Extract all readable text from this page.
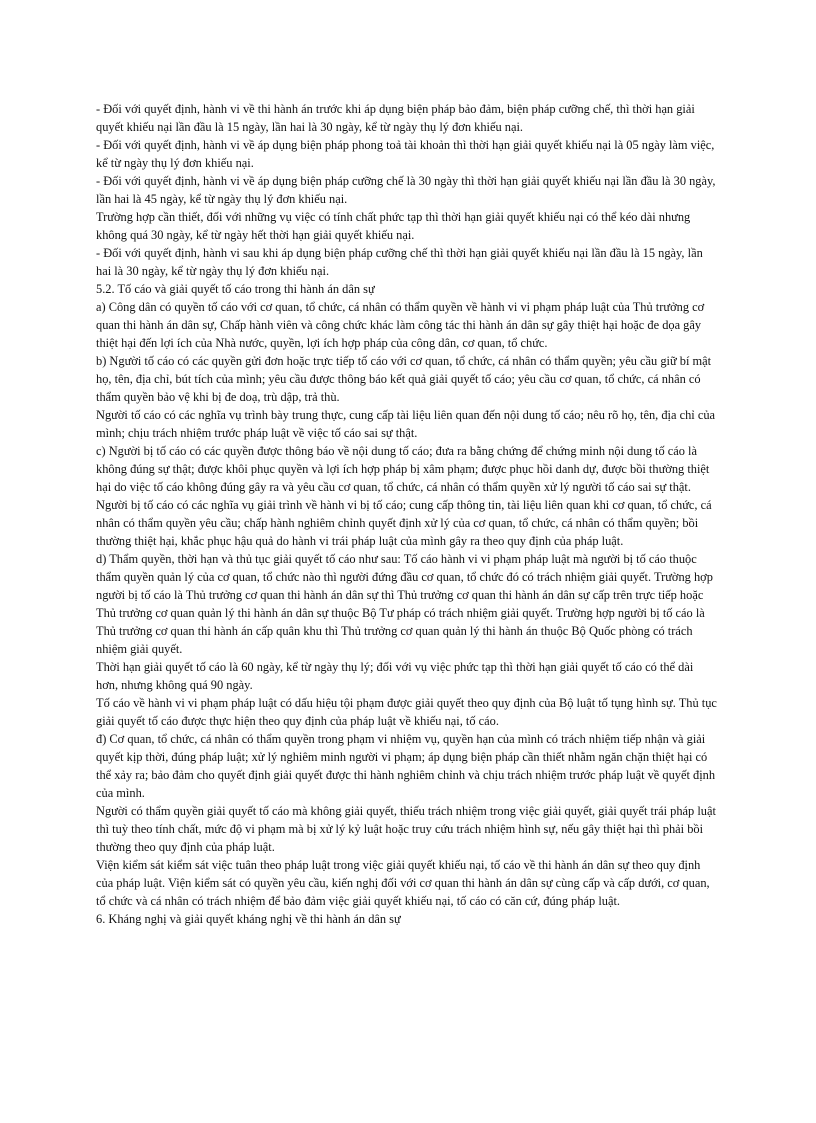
- Đối với quyết định, hành vi về thi hành án trước khi áp dụng biện pháp bảo đảm, biện pháp cưỡng chế, thì thời hạn giải quyết khiếu nại lần đầu là 15 ngày, lần hai là 30 ngày, kể từ ngày thụ lý đơn khiếu nại.

- Đối với quyết định, hành vi về áp dụng biện pháp phong toả tài khoản thì thời hạn giải quyết khiếu nại là 05 ngày làm việc, kể từ ngày thụ lý đơn khiếu nại.

- Đối với quyết định, hành vi về áp dụng biện pháp cưỡng chế là 30 ngày thì thời hạn giải quyết khiếu nại lần đầu là 30 ngày, lần hai là 45 ngày, kể từ ngày thụ lý đơn khiếu nại.

Trường hợp cần thiết, đối với những vụ việc có tính chất phức tạp thì thời hạn giải quyết khiếu nại có thể kéo dài nhưng không quá 30 ngày, kể từ ngày hết thời hạn giải quyết khiếu nại.

- Đối với quyết định, hành vi sau khi áp dụng biện pháp cưỡng chế thì thời hạn giải quyết khiếu nại lần đầu là 15 ngày, lần hai là 30 ngày, kể từ ngày thụ lý đơn khiếu nại.

5.2. Tố cáo và giải quyết tố cáo trong thi hành án dân sự

a) Công dân có quyền tố cáo với cơ quan, tổ chức, cá nhân có thẩm quyền về hành vi vi phạm pháp luật của Thủ trưởng cơ quan thi hành án dân sự, Chấp hành viên và công chức khác làm công tác thi hành án dân sự gây thiệt hại hoặc đe dọa gây thiệt hại đến lợi ích của Nhà nước, quyền, lợi ích hợp pháp của công dân, cơ quan, tổ chức.

b) Người tố cáo có các quyền gửi đơn hoặc trực tiếp tố cáo với cơ quan, tổ chức, cá nhân có thẩm quyền; yêu cầu giữ bí mật họ, tên, địa chỉ, bút tích của mình; yêu cầu được thông báo kết quả giải quyết tố cáo; yêu cầu cơ quan, tổ chức, cá nhân có thẩm quyền bảo vệ khi bị đe doạ, trù dập, trả thù.

Người tố cáo có các nghĩa vụ trình bày trung thực, cung cấp tài liệu liên quan đến nội dung tố cáo; nêu rõ họ, tên, địa chỉ của mình; chịu trách nhiệm trước pháp luật về việc tố cáo sai sự thật.

c) Người bị tố cáo có các quyền được thông báo về nội dung tố cáo; đưa ra bằng chứng để chứng minh nội dung tố cáo là không đúng sự thật; được khôi phục quyền và lợi ích hợp pháp bị xâm phạm; được phục hồi danh dự, được bồi thường thiệt hại do việc tố cáo không đúng gây ra và yêu cầu cơ quan, tổ chức, cá nhân có thẩm quyền xử lý người tố cáo sai sự thật.

Người bị tố cáo có các nghĩa vụ giải trình về hành vi bị tố cáo; cung cấp thông tin, tài liệu liên quan khi cơ quan, tổ chức, cá nhân có thẩm quyền yêu cầu; chấp hành nghiêm chỉnh quyết định xử lý của cơ quan, tổ chức, cá nhân có thẩm quyền; bồi thường thiệt hại, khắc phục hậu quả do hành vi trái pháp luật của mình gây ra theo quy định của pháp luật.

d) Thẩm quyền, thời hạn và thủ tục giải quyết tố cáo như sau: Tố cáo hành vi vi phạm pháp luật mà người bị tố cáo thuộc thẩm quyền quản lý của cơ quan, tổ chức nào thì người đứng đầu cơ quan, tổ chức đó có trách nhiệm giải quyết. Trường hợp người bị tố cáo là Thủ trưởng cơ quan thi hành án dân sự thì Thủ trưởng cơ quan thi hành án dân sự cấp trên trực tiếp hoặc Thủ trưởng cơ quan quản lý thi hành án dân sự thuộc Bộ Tư pháp có trách nhiệm giải quyết. Trường hợp người bị tố cáo là Thủ trưởng cơ quan thi hành án cấp quân khu thì Thủ trưởng cơ quan quản lý thi hành án thuộc Bộ Quốc phòng có trách nhiệm giải quyết.

Thời hạn giải quyết tố cáo là 60 ngày, kể từ ngày thụ lý; đối với vụ việc phức tạp thì thời hạn giải quyết tố cáo có thể dài hơn, nhưng không quá 90 ngày.

Tố cáo về hành vi vi phạm pháp luật có dấu hiệu tội phạm được giải quyết theo quy định của Bộ luật tố tụng hình sự. Thủ tục giải quyết tố cáo được thực hiện theo quy định của pháp luật về khiếu nại, tố cáo.

đ) Cơ quan, tổ chức, cá nhân có thẩm quyền trong phạm vi nhiệm vụ, quyền hạn của mình có trách nhiệm tiếp nhận và giải quyết kịp thời, đúng pháp luật; xử lý nghiêm minh người vi phạm; áp dụng biện pháp cần thiết nhằm ngăn chặn thiệt hại có thể xảy ra; bảo đảm cho quyết định giải quyết được thi hành nghiêm chỉnh và chịu trách nhiệm trước pháp luật về quyết định của mình.

Người có thẩm quyền giải quyết tố cáo mà không giải quyết, thiếu trách nhiệm trong việc giải quyết, giải quyết trái pháp luật thì tuỳ theo tính chất, mức độ vi phạm mà bị xử lý kỷ luật hoặc truy cứu trách nhiệm hình sự, nếu gây thiệt hại thì phải bồi thường theo quy định của pháp luật.

Viện kiểm sát kiểm sát việc tuân theo pháp luật trong việc giải quyết khiếu nại, tố cáo về thi hành án dân sự theo quy định của pháp luật. Viện kiểm sát có quyền yêu cầu, kiến nghị đối với cơ quan thi hành án dân sự cùng cấp và cấp dưới, cơ quan, tổ chức và cá nhân có trách nhiệm để bảo đảm việc giải quyết khiếu nại, tố cáo có căn cứ, đúng pháp luật.

6. Kháng nghị và giải quyết kháng nghị về thi hành án dân sự
